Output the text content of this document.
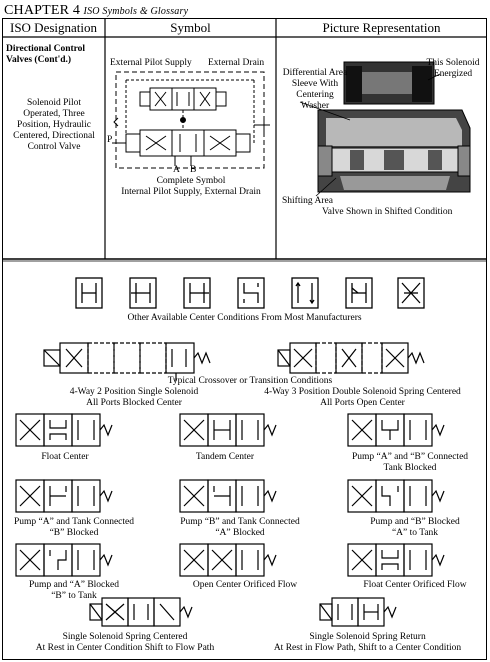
CHAPTER 4 ISO Symbols & Glossary
ISO Designation	Symbol	Picture Representation
Directional Control
Valves (Cont'd.)
Solenoid Pilot
Operated, Three
Position, Hydraulic
Centered, Directional
Control Valve
External Pilot Supply External Drain
P
A B
Complete Symbol
Internal Pilot Supply, External Drain
Differential Area
Sleeve With
Centering
Washer
This Solenoid
Energized
Shifting Area
Valve Shown in Shifted Condition
Other Available Center Conditions From Most Manufacturers
Typical Crossover or Transition Conditions
4-Way 2 Position Single Solenoid
All Ports Blocked Center
4-Way 3 Position Double Solenoid Spring Centered
All Ports Open Center
Float Center	Tandem Center	Pump “A” and “B” Connected
Tank Blocked
Pump “A” and Tank Connected
“B” Blocked
Pump “B” and Tank Connected
“A” Blocked
Pump and “B” Blocked
“A” to Tank
Pump and “A” Blocked
“B” to Tank
Open Center Orificed Flow	Float Center Orificed Flow
Single Solenoid Spring Centered
At Rest in Center Condition Shift to Flow Path
Single Solenoid Spring Return
At Rest in Flow Path, Shift to a Center Condition
